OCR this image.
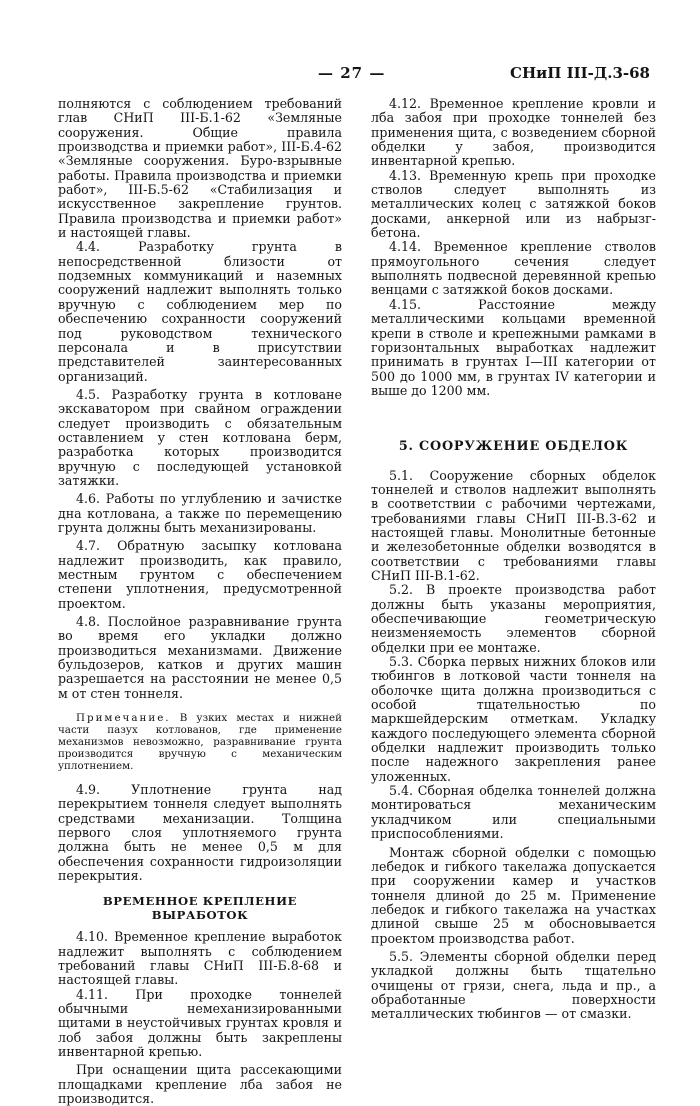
— 27 —	СНиП III-Д.3-68

полняются с соблюдением требований глав СНиП III-Б.1-62 «Земляные сооружения. Общие правила производства и приемки работ», III-Б.4-62 «Земляные сооружения. Буро-взрывные работы. Правила производства и приемки работ», III-Б.5-62 «Стабилизация и искусственное закрепление грунтов. Правила производства и приемки работ» и настоящей главы.

4.4. Разработку грунта в непосредственной близости от подземных коммуникаций и наземных сооружений надлежит выполнять только вручную с соблюдением мер по обеспечению сохранности сооружений под руководством технического персонала и в присутствии представителей заинтересованных организаций.

4.5. Разработку грунта в котловане экскаватором при свайном ограждении следует производить с обязательным оставлением у стен котлована берм, разработка которых производится вручную с последующей установкой затяжки.

4.6. Работы по углублению и зачистке дна котлована, а также по перемещению грунта должны быть механизированы.

4.7. Обратную засыпку котлована надлежит производить, как правило, местным грунтом с обеспечением степени уплотнения, предусмотренной проектом.

4.8. Послойное разравнивание грунта во время его укладки должно производиться механизмами. Движение бульдозеров, катков и других машин разрешается на расстоянии не менее 0,5 м от стен тоннеля.

Примечание. В узких местах и нижней части пазух котлованов, где применение механизмов невозможно, разравнивание грунта производится вручную с механическим уплотнением.

4.9. Уплотнение грунта над перекрытием тоннеля следует выполнять средствами механизации. Толщина первого слоя уплотняемого грунта должна быть не менее 0,5 м для обеспечения сохранности гидроизоляции перекрытия.

ВРЕМЕННОЕ КРЕПЛЕНИЕ ВЫРАБОТОК

4.10. Временное крепление выработок надлежит выполнять с соблюдением требований главы СНиП III-Б.8-68 и настоящей главы.

4.11. При проходке тоннелей обычными немеханизированными щитами в неустойчивых грунтах кровля и лоб забоя должны быть закреплены инвентарной крепью.

При оснащении щита рассекающими площадками крепление лба забоя не производится.

4.12. Временное крепление кровли и лба забоя при проходке тоннелей без применения щита, с возведением сборной обделки у забоя, производится инвентарной крепью.

4.13. Временную крепь при проходке стволов следует выполнять из металлических колец с затяжкой боков досками, анкерной или из набрызг-бетона.

4.14. Временное крепление стволов прямоугольного сечения следует выполнять подвесной деревянной крепью венцами с затяжкой боков досками.

4.15. Расстояние между металлическими кольцами временной крепи в стволе и крепежными рамками в горизонтальных выработках надлежит принимать в грунтах I—III категории от 500 до 1000 мм, в грунтах IV категории и выше до 1200 мм.

5. СООРУЖЕНИЕ ОБДЕЛОК

5.1. Сооружение сборных обделок тоннелей и стволов надлежит выполнять в соответствии с рабочими чертежами, требованиями главы СНиП III-В.3-62 и настоящей главы. Монолитные бетонные и железобетонные обделки возводятся в соответствии с требованиями главы СНиП III-В.1-62.

5.2. В проекте производства работ должны быть указаны мероприятия, обеспечивающие геометрическую неизменяемость элементов сборной обделки при ее монтаже.

5.3. Сборка первых нижних блоков или тюбингов в лотковой части тоннеля на оболочке щита должна производиться с особой тщательностью по маркшейдерским отметкам. Укладку каждого последующего элемента сборной обделки надлежит производить только после надежного закрепления ранее уложенных.

5.4. Сборная обделка тоннелей должна монтироваться механическим укладчиком или специальными приспособлениями.

Монтаж сборной обделки с помощью лебедок и гибкого такелажа допускается при сооружении камер и участков тоннеля длиной до 25 м. Применение лебедок и гибкого такелажа на участках длиной свыше 25 м обосновывается проектом производства работ.

5.5. Элементы сборной обделки перед укладкой должны быть тщательно очищены от грязи, снега, льда и пр., а обработанные поверхности металлических тюбингов — от смазки.
